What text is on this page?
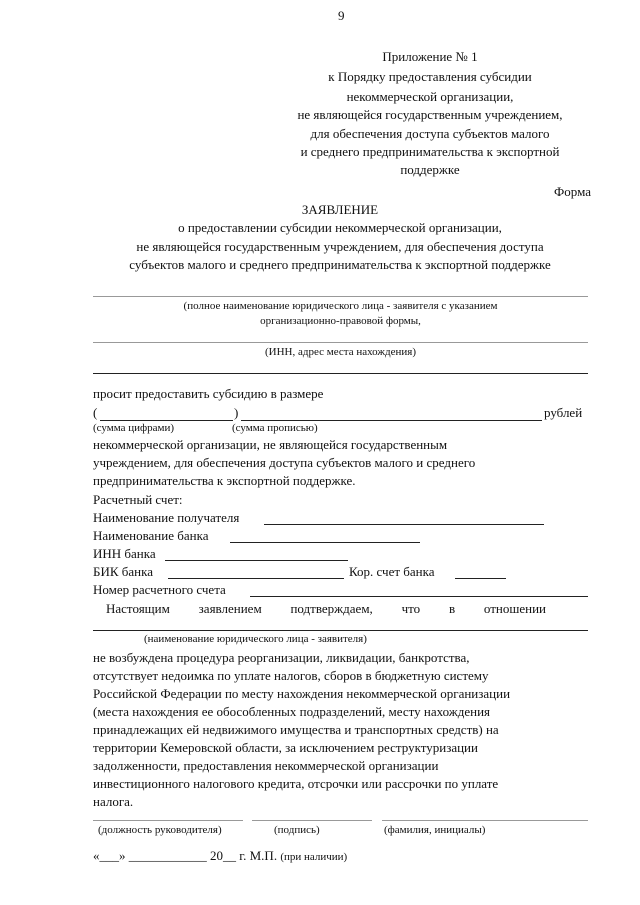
9
Приложение № 1
к Порядку предоставления субсидии
некоммерческой организации,
не являющейся государственным учреждением,
для обеспечения доступа субъектов малого
и среднего предпринимательства к экспортной
поддержке
Форма
ЗАЯВЛЕНИЕ
о предоставлении субсидии некоммерческой организации,
не являющейся государственным учреждением, для обеспечения доступа
субъектов малого и среднего предпринимательства к экспортной поддержке
(полное наименование юридического лица - заявителя с указанием
организационно-правовой формы,
(ИНН, адрес места нахождения)
просит предоставить субсидию в размере
(	)	рублей
(сумма цифрами)	(сумма прописью)
некоммерческой организации, не являющейся государственным
учреждением, для обеспечения доступа субъектов малого и среднего
предпринимательства к экспортной поддержке.
Расчетный счет:
Наименование получателя
Наименование банка
ИНН банка
БИК банка	Кор. счет банка
Номер расчетного счета
Настоящим заявлением подтверждаем, что в отношении
(наименование юридического лица - заявителя)
не возбуждена процедура реорганизации, ликвидации, банкротства,
отсутствует недоимка по уплате налогов, сборов в бюджетную систему
Российской Федерации по месту нахождения некоммерческой организации
(места нахождения ее обособленных подразделений, месту нахождения
принадлежащих ей недвижимого имущества и транспортных средств) на
территории Кемеровской области, за исключением реструктуризации
задолженности, предоставления некоммерческой организации
инвестиционного налогового кредита, отсрочки или рассрочки по уплате
налога.
(должность руководителя)	(подпись)	(фамилия, инициалы)
«___» ____________ 20__ г. М.П. (при наличии)
